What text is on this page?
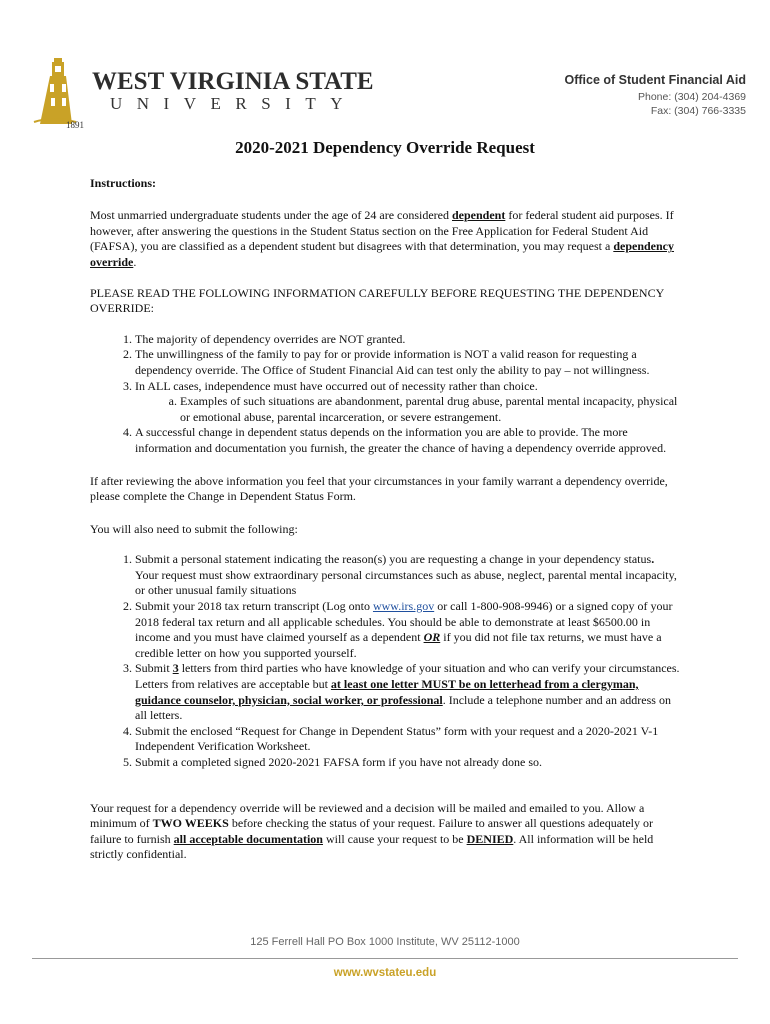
WEST VIRGINIA STATE
UNIVERSITY
1891
Office of Student Financial Aid
Phone: (304) 204-4369
Fax: (304) 766-3335
2020-2021 Dependency Override Request

Instructions:

Most unmarried undergraduate students under the age of 24 are considered dependent for federal student aid purposes. If however, after answering the questions in the Student Status section on the Free Application for Federal Student Aid (FAFSA), you are classified as a dependent student but disagrees with that determination, you may request a dependency override.

PLEASE READ THE FOLLOWING INFORMATION CAREFULLY BEFORE REQUESTING THE DEPENDENCY OVERRIDE:

1. The majority of dependency overrides are NOT granted.
2. The unwillingness of the family to pay for or provide information is NOT a valid reason for requesting a dependency override. The Office of Student Financial Aid can test only the ability to pay – not willingness.
3. In ALL cases, independence must have occurred out of necessity rather than choice.
a. Examples of such situations are abandonment, parental drug abuse, parental mental incapacity, physical or emotional abuse, parental incarceration, or severe estrangement.
4. A successful change in dependent status depends on the information you are able to provide. The more information and documentation you furnish, the greater the chance of having a dependency override approved.

If after reviewing the above information you feel that your circumstances in your family warrant a dependency override, please complete the Change in Dependent Status Form.

You will also need to submit the following:

1. Submit a personal statement indicating the reason(s) you are requesting a change in your dependency status. Your request must show extraordinary personal circumstances such as abuse, neglect, parental mental incapacity, or other unusual family situations
2. Submit your 2018 tax return transcript (Log onto www.irs.gov or call 1-800-908-9946) or a signed copy of your 2018 federal tax return and all applicable schedules. You should be able to demonstrate at least $6500.00 in income and you must have claimed yourself as a dependent OR if you did not file tax returns, we must have a credible letter on how you supported yourself.
3. Submit 3 letters from third parties who have knowledge of your situation and who can verify your circumstances. Letters from relatives are acceptable but at least one letter MUST be on letterhead from a clergyman, guidance counselor, physician, social worker, or professional. Include a telephone number and an address on all letters.
4. Submit the enclosed “Request for Change in Dependent Status” form with your request and a 2020-2021 V-1 Independent Verification Worksheet.
5. Submit a completed signed 2020-2021 FAFSA form if you have not already done so.

Your request for a dependency override will be reviewed and a decision will be mailed and emailed to you. Allow a minimum of TWO WEEKS before checking the status of your request. Failure to answer all questions adequately or failure to furnish all acceptable documentation will cause your request to be DENIED. All information will be held strictly confidential.

125 Ferrell Hall PO Box 1000 Institute, WV 25112-1000
www.wvstateu.edu
